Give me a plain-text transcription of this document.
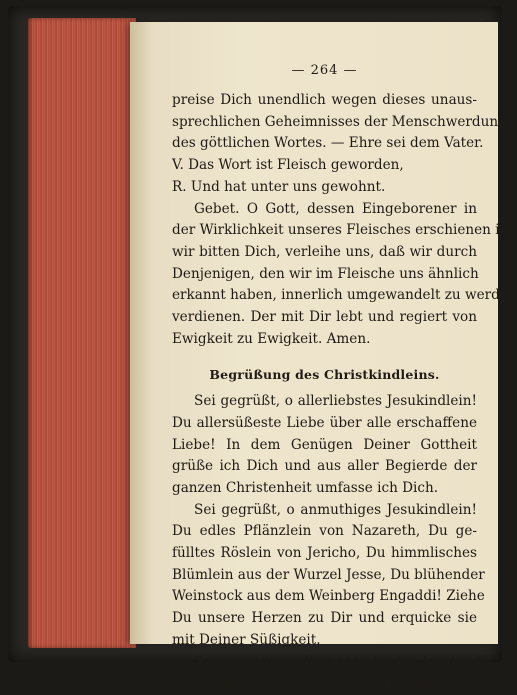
— 264 —
preise Dich unendlich wegen dieses unaus-
sprechlichen Geheimnisses der Menschwerdung
des göttlichen Wortes. — Ehre sei dem Vater.
V. Das Wort ist Fleisch geworden,
R. Und hat unter uns gewohnt.
Gebet. O Gott, dessen Eingeborener in
der Wirklichkeit unseres Fleisches erschienen ist,
wir bitten Dich, verleihe uns, daß wir durch
Denjenigen, den wir im Fleische uns ähnlich
erkannt haben, innerlich umgewandelt zu werden
verdienen. Der mit Dir lebt und regiert von
Ewigkeit zu Ewigkeit. Amen.
Begrüßung des Christkindleins.
Sei gegrüßt, o allerliebstes Jesukindlein!
Du allersüßeste Liebe über alle erschaffene
Liebe! In dem Genügen Deiner Gottheit
grüße ich Dich und aus aller Begierde der
ganzen Christenheit umfasse ich Dich.
Sei gegrüßt, o anmuthiges Jesukindlein!
Du edles Pflänzlein von Nazareth, Du ge-
fülltes Röslein von Jericho, Du himmlisches
Blümlein aus der Wurzel Jesse, Du blühender
Weinstock aus dem Weinberg Engaddi! Ziehe
Du unsere Herzen zu Dir und erquicke sie
mit Deiner Süßigkeit.
Sei gegrüßt, o allerholdseligstes Jesukind-
lein! Du lebendiges Brod von Bethlehem,
